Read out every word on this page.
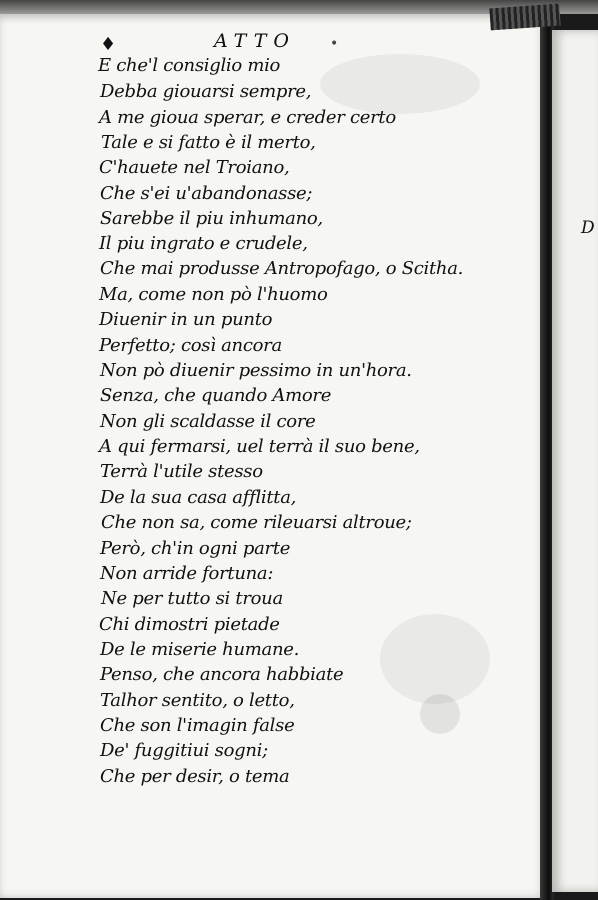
D
♦	ATTO •
E che'l consiglio mio
Debba giouarsi sempre,
A me gioua sperar, e creder certo
Tale e si fatto è il merto,
C'hauete nel Troiano,
Che s'ei u'abandonasse;
Sarebbe il piu inhumano,
Il piu ingrato e crudele,
Che mai produsse Antropofago, o Scitha.
Ma, come non pò l'huomo
Diuenir in un punto
Perfetto; così ancora
Non pò diuenir pessimo in un'hora.
Senza, che quando Amore
Non gli scaldasse il core
A qui fermarsi, uel terrà il suo bene,
Terrà l'utile stesso
De la sua casa afflitta,
Che non sa, come rileuarsi altroue;
Però, ch'in ogni parte
Non arride fortuna:
Ne per tutto si troua
Chi dimostri pietade
De le miserie humane.
Penso, che ancora habbiate
Talhor sentito, o letto,
Che son l'imagin false
De' fuggitiui sogni;
Che per desir, o tema
